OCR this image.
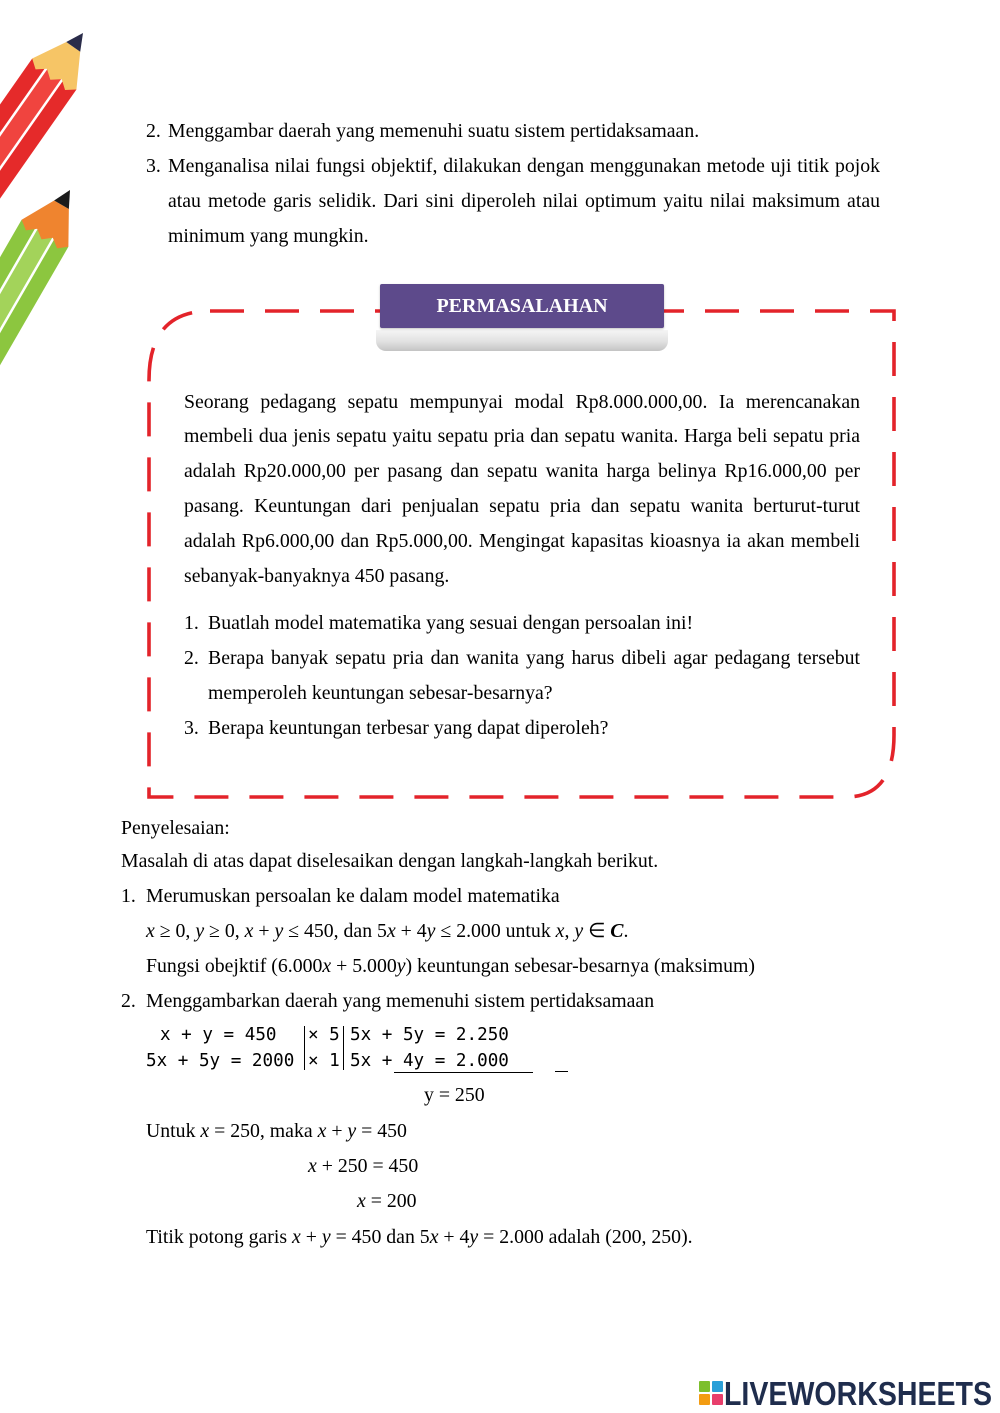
2. Menggambar daerah yang memenuhi suatu sistem pertidaksamaan.
3. Menganalisa nilai fungsi objektif, dilakukan dengan menggunakan metode uji titik pojok
atau metode garis selidik. Dari sini diperoleh nilai optimum yaitu nilai maksimum atau
minimum yang mungkin.
PERMASALAHAN
Seorang pedagang sepatu mempunyai modal Rp8.000.000,00. Ia merencanakan
membeli dua jenis sepatu yaitu sepatu pria dan sepatu wanita. Harga beli sepatu pria
adalah Rp20.000,00 per pasang dan sepatu wanita harga belinya Rp16.000,00 per
pasang. Keuntungan dari penjualan sepatu pria dan sepatu wanita berturut-turut
adalah Rp6.000,00 dan Rp5.000,00. Mengingat kapasitas kioasnya ia akan membeli
sebanyak-banyaknya 450 pasang.
1. Buatlah model matematika yang sesuai dengan persoalan ini!
2. Berapa banyak sepatu pria dan wanita yang harus dibeli agar pedagang tersebut
memperoleh keuntungan sebesar-besarnya?
3. Berapa keuntungan terbesar yang dapat diperoleh?
Penyelesaian:
Masalah di atas dapat diselesaikan dengan langkah-langkah berikut.
1. Merumuskan persoalan ke dalam model matematika
x ≥ 0, y ≥ 0, x + y ≤ 450, dan 5x + 4y ≤ 2.000 untuk x, y ∈ C.
Fungsi obejktif (6.000x + 5.000y) keuntungan sebesar-besarnya (maksimum)
2. Menggambarkan daerah yang memenuhi sistem pertidaksamaan
x + y = 450
5x + 5y = 2000
× 5
× 1
5x + 5y = 2.250
5x + 4y = 2.000
y = 250
Untuk x = 250, maka x + y = 450
x + 250 = 450
x = 200
Titik potong garis x + y = 450 dan 5x + 4y = 2.000 adalah (200, 250).
LIVEWORKSHEETS
